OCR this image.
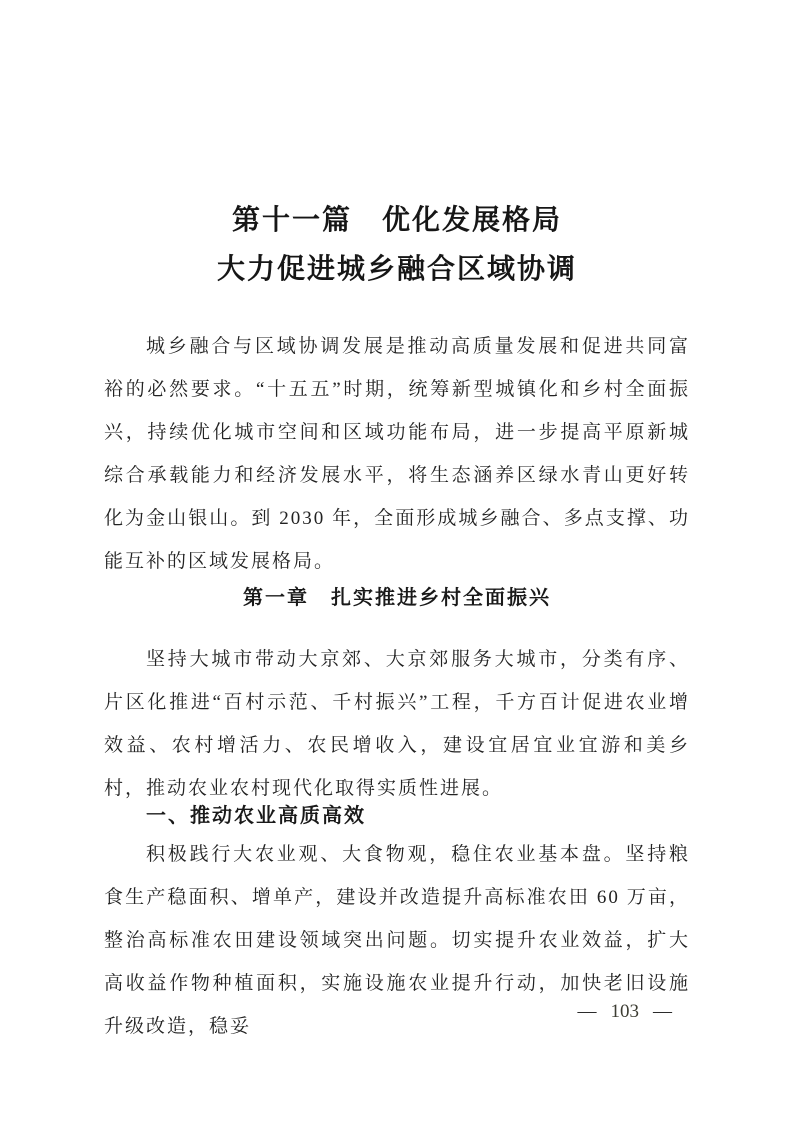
第十一篇　优化发展格局
大力促进城乡融合区域协调

城乡融合与区域协调发展是推动高质量发展和促进共同富裕的必然要求。“十五五”时期，统筹新型城镇化和乡村全面振兴，持续优化城市空间和区域功能布局，进一步提高平原新城综合承载能力和经济发展水平，将生态涵养区绿水青山更好转化为金山银山。到 2030 年，全面形成城乡融合、多点支撑、功能互补的区域发展格局。

第一章　扎实推进乡村全面振兴

坚持大城市带动大京郊、大京郊服务大城市，分类有序、片区化推进“百村示范、千村振兴”工程，千方百计促进农业增效益、农村增活力、农民增收入，建设宜居宜业宜游和美乡村，推动农业农村现代化取得实质性进展。

一、推动农业高质高效

积极践行大农业观、大食物观，稳住农业基本盘。坚持粮食生产稳面积、增单产，建设并改造提升高标准农田 60 万亩，整治高标准农田建设领域突出问题。切实提升农业效益，扩大高收益作物种植面积，实施设施农业提升行动，加快老旧设施升级改造，稳妥

— 103 —
